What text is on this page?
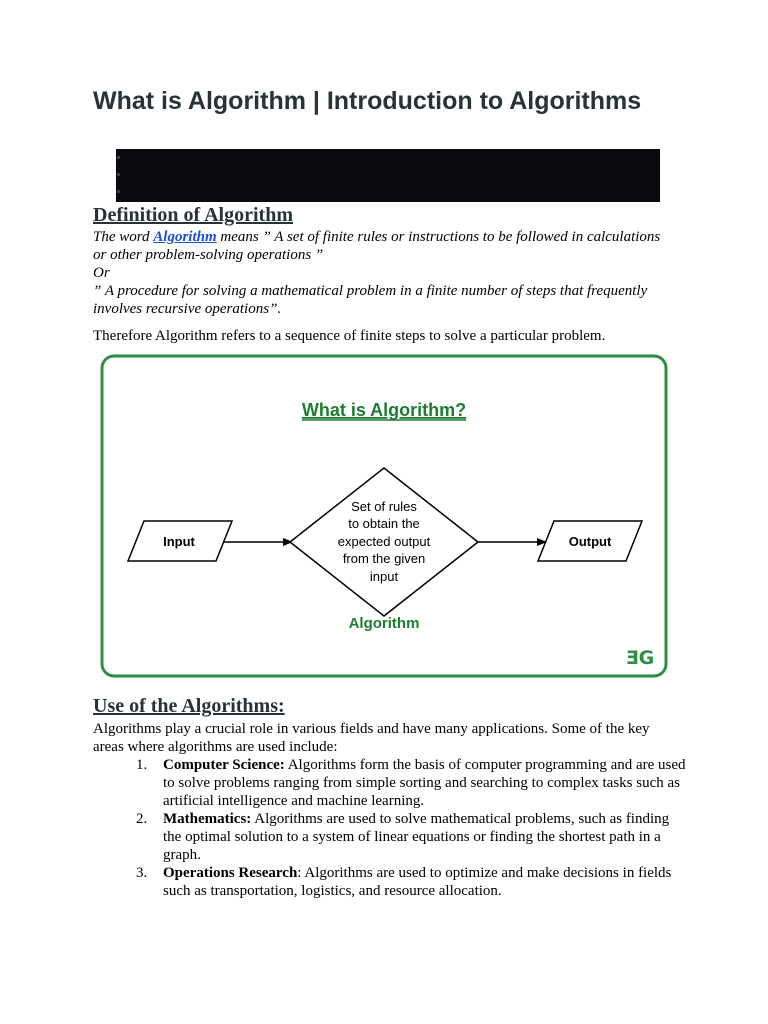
What is Algorithm | Introduction to Algorithms
Definition of Algorithm

The word Algorithm means ” A set of finite rules or instructions to be followed in calculations or other problem-solving operations ”

Or

” A procedure for solving a mathematical problem in a finite number of steps that frequently involves recursive operations”.

Therefore Algorithm refers to a sequence of finite steps to solve a particular problem.

What is Algorithm?
Input
Set of rules
to obtain the
expected output
from the given
input
Output
Algorithm
ƎG
Use of the Algorithms:

Algorithms play a crucial role in various fields and have many applications. Some of the key areas where algorithms are used include:

1. Computer Science: Algorithms form the basis of computer programming and are used to solve problems ranging from simple sorting and searching to complex tasks such as artificial intelligence and machine learning.
2. Mathematics: Algorithms are used to solve mathematical problems, such as finding the optimal solution to a system of linear equations or finding the shortest path in a graph.
3. Operations Research: Algorithms are used to optimize and make decisions in fields such as transportation, logistics, and resource allocation.
